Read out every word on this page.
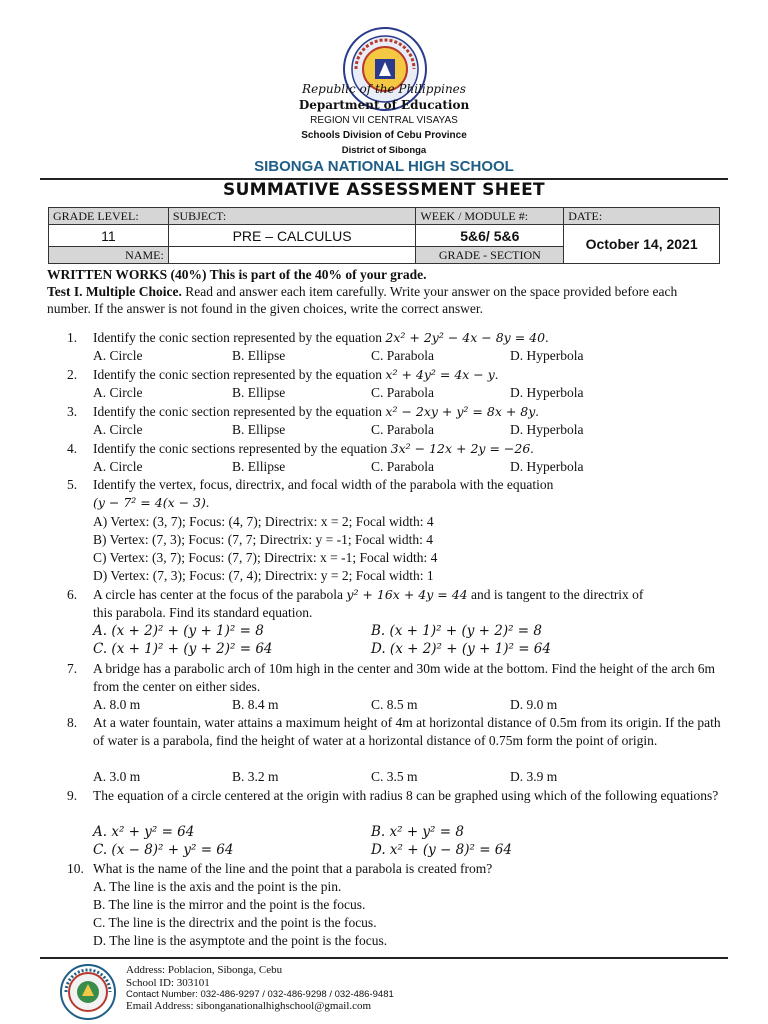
Republic of the Philippines
Department of Education
REGION VII CENTRAL VISAYAS
Schools Division of Cebu Province
District of Sibonga
SIBONGA NATIONAL HIGH SCHOOL
SUMMATIVE ASSESSMENT SHEET
GRADE LEVEL:	SUBJECT:	WEEK / MODULE #:	DATE:
11	PRE – CALCULUS	5&6/ 5&6	October 14, 2021
NAME:		GRADE - SECTION	
WRITTEN WORKS (40%) This is part of the 40% of your grade.
Test I. Multiple Choice. Read and answer each item carefully. Write your answer on the space provided before each number. If the answer is not found in the given choices, write the correct answer.
1. Identify the conic section represented by the equation 2x² + 2y² − 4x − 8y = 40.
A. Circle	B. Ellipse	C. Parabola	D. Hyperbola
2. Identify the conic section represented by the equation x² + 4y² = 4x − y.
A. Circle	B. Ellipse	C. Parabola	D. Hyperbola
3. Identify the conic section represented by the equation x² − 2xy + y² = 8x + 8y.
A. Circle	B. Ellipse	C. Parabola	D. Hyperbola
4. Identify the conic sections represented by the equation 3x² − 12x + 2y = −26.
A. Circle	B. Ellipse	C. Parabola	D. Hyperbola
5. Identify the vertex, focus, directrix, and focal width of the parabola with the equation
(y − 7² = 4(x − 3).
A) Vertex: (3, 7); Focus: (4, 7); Directrix: x = 2; Focal width: 4
B) Vertex: (7, 3); Focus: (7, 7; Directrix: y = -1; Focal width: 4
C) Vertex: (3, 7); Focus: (7, 7); Directrix: x = -1; Focal width: 4
D) Vertex: (7, 3); Focus: (7, 4); Directrix: y = 2; Focal width: 1
6. A circle has center at the focus of the parabola y² + 16x + 4y = 44 and is tangent to the directrix of
this parabola. Find its standard equation.
A. (x + 2)² + (y + 1)² = 8	B. (x + 1)² + (y + 2)² = 8
C. (x + 1)² + (y + 2)² = 64	D. (x + 2)² + (y + 1)² = 64
7. A bridge has a parabolic arch of 10m high in the center and 30m wide at the bottom. Find the height of the arch 6m from the center on either sides.
A. 8.0 m	B. 8.4 m	C. 8.5 m	D. 9.0 m
8. At a water fountain, water attains a maximum height of 4m at horizontal distance of 0.5m from its origin. If the path of water is a parabola, find the height of water at a horizontal distance of 0.75m form the point of origin.
A. 3.0 m	B. 3.2 m	C. 3.5 m	D. 3.9 m
9. The equation of a circle centered at the origin with radius 8 can be graphed using which of the following equations?
A. x² + y² = 64	B. x² + y² = 8
C. (x − 8)² + y² = 64	D. x² + (y − 8)² = 64
10. What is the name of the line and the point that a parabola is created from?
A. The line is the axis and the point is the pin.
B. The line is the mirror and the point is the focus.
C. The line is the directrix and the point is the focus.
D. The line is the asymptote and the point is the focus.
Address: Poblacion, Sibonga, Cebu
School ID: 303101
Contact Number: 032-486-9297 / 032-486-9298 / 032-486-9481
Email Address: sibonganationalhighschool@gmail.com
